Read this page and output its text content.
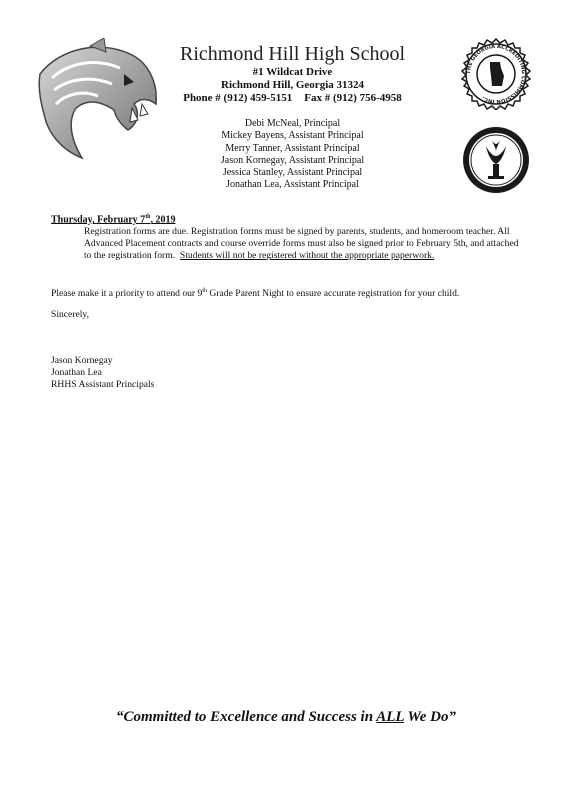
Richmond Hill High School
#1 Wildcat Drive
Richmond Hill, Georgia 31324
Phone # (912) 459-5151 Fax # (912) 756-4958
THE GEORGIA ACCREDITING COMMISSION INC.
Debi McNeal, Principal
Mickey Bayens, Assistant Principal
Merry Tanner, Assistant Principal
Jason Kornegay, Assistant Principal
Jessica Stanley, Assistant Principal
Jonathan Lea, Assistant Principal
Thursday, February 7th, 2019
Registration forms are due. Registration forms must be signed by parents, students, and homeroom teacher. All Advanced Placement contracts and course override forms must also be signed prior to February 5th, and attached to the registration form. Students will not be registered without the appropriate paperwork.
Please make it a priority to attend our 9th Grade Parent Night to ensure accurate registration for your child.
Sincerely,
Jason Kornegay
Jonathan Lea
RHHS Assistant Principals
“Committed to Excellence and Success in ALL We Do”
